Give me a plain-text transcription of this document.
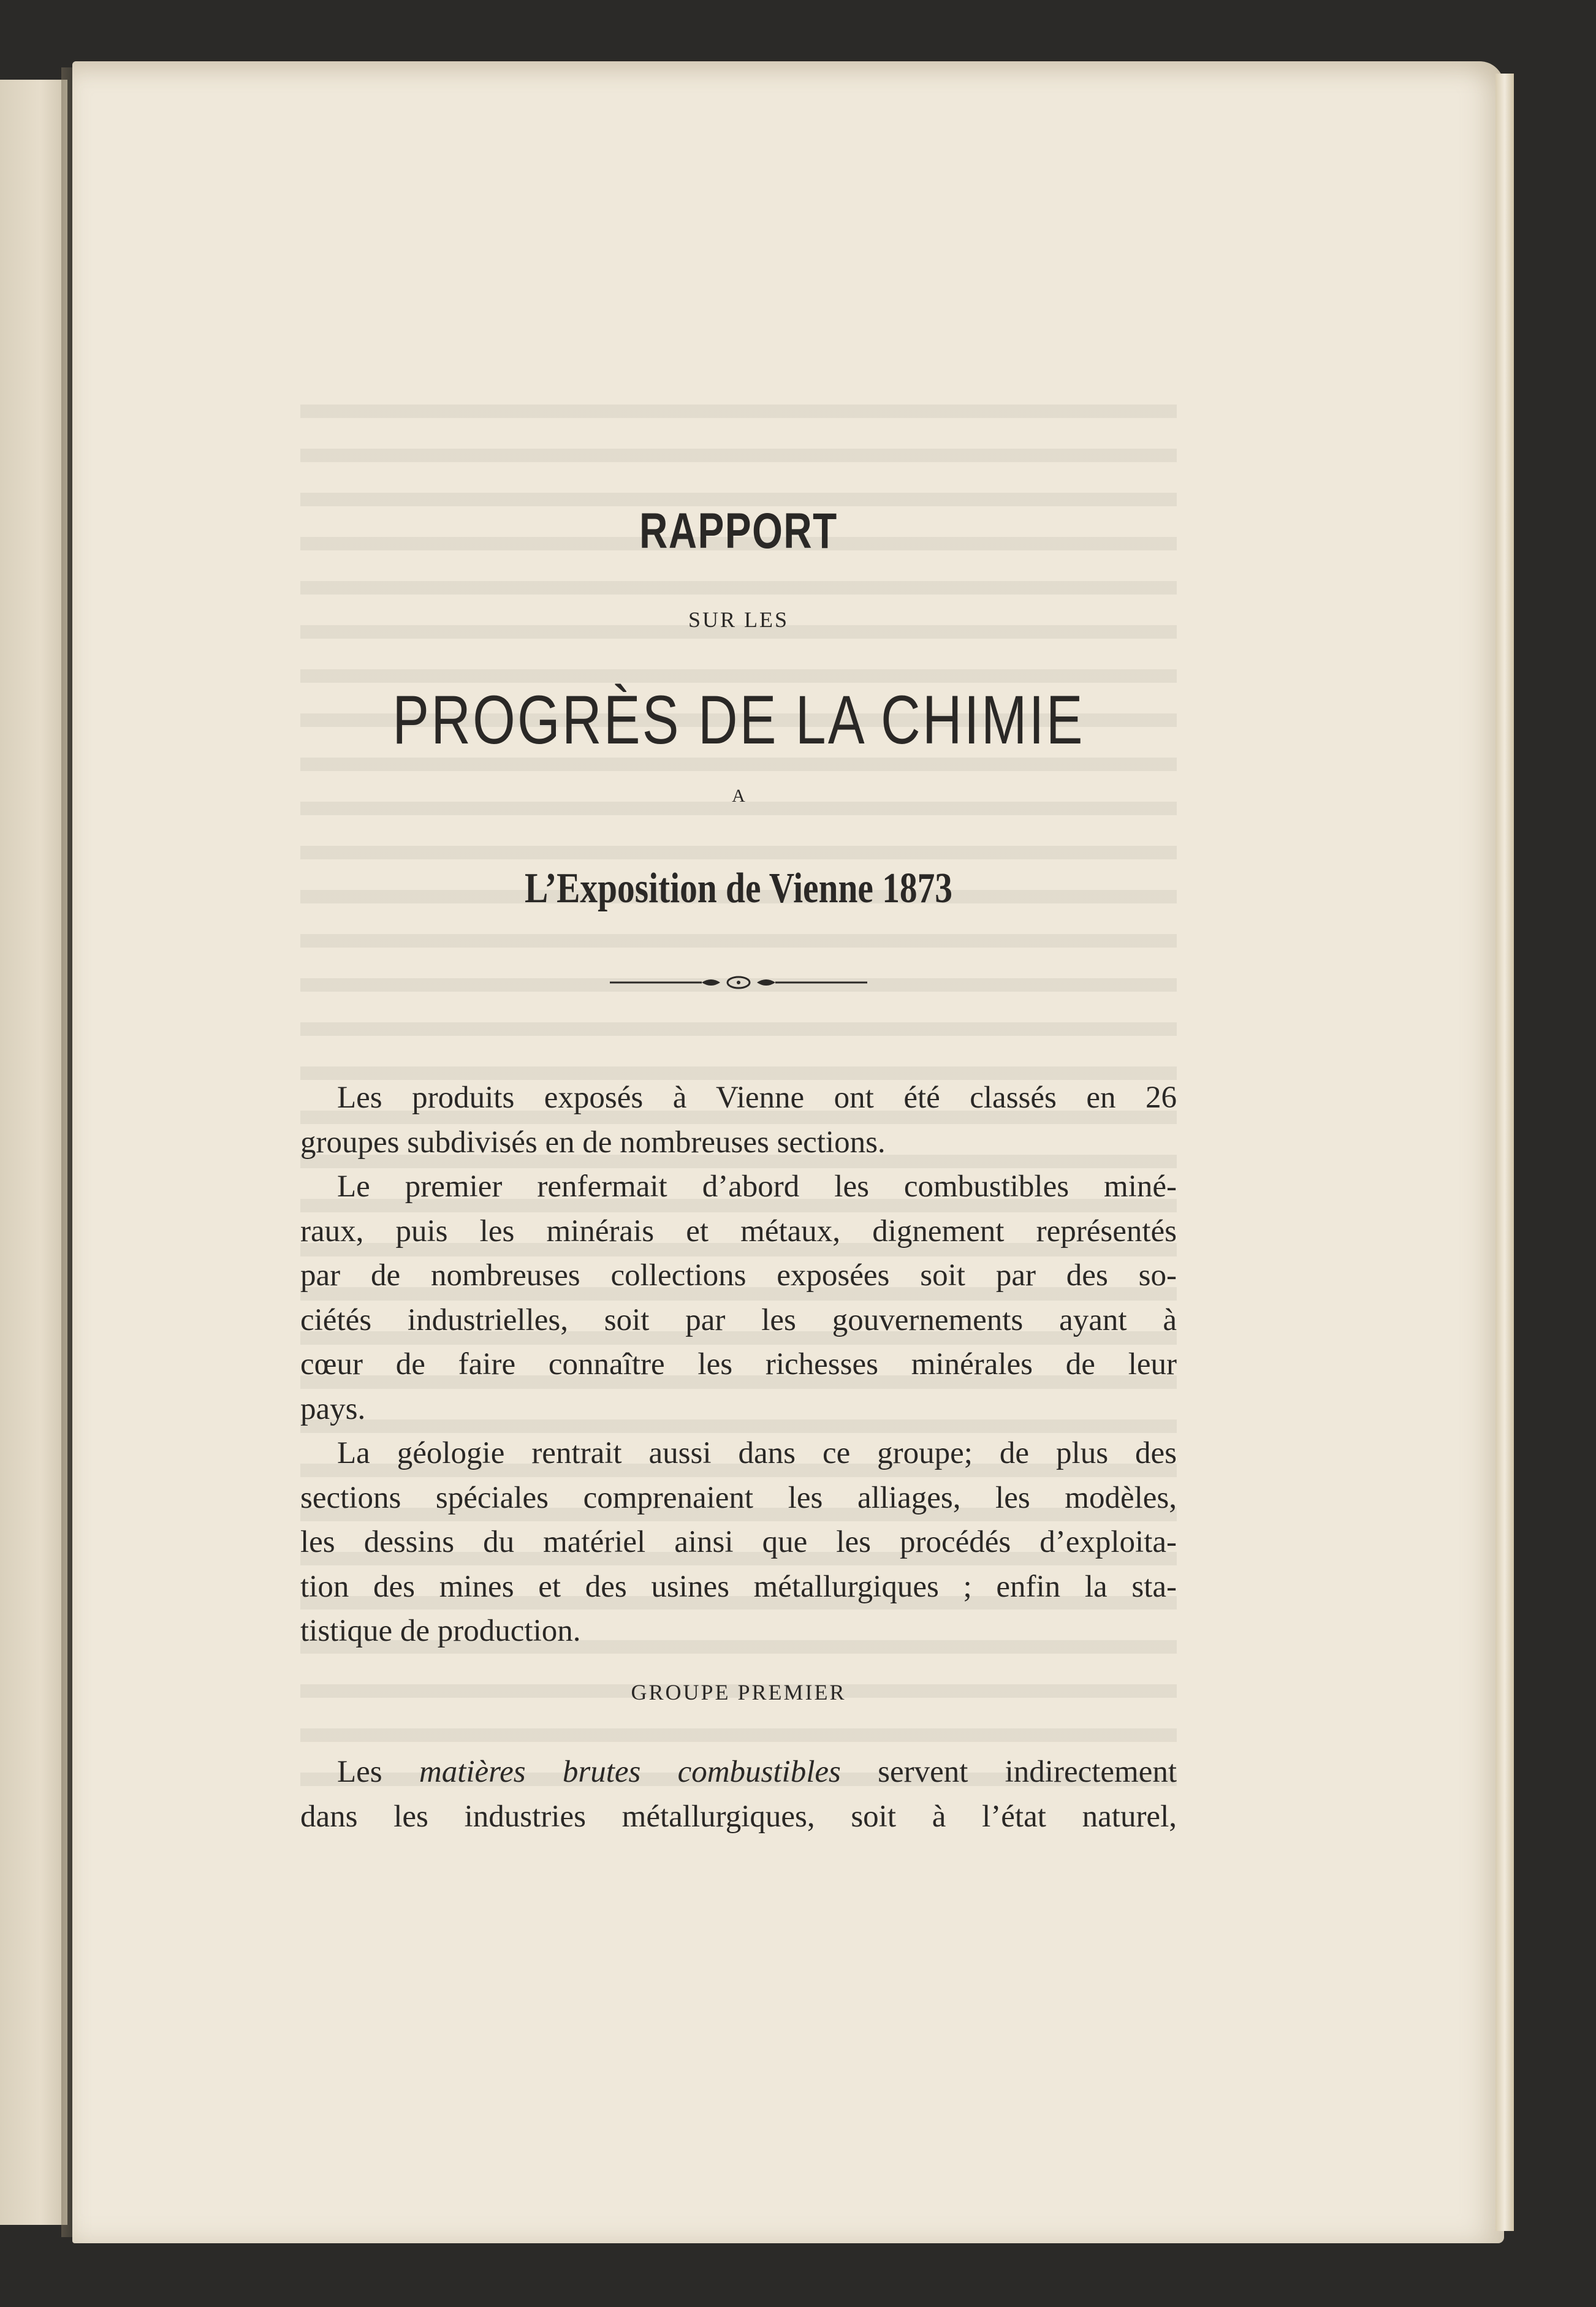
RAPPORT
SUR LES
PROGRÈS DE LA CHIMIE
A
L’Exposition de Vienne 1873
Les produits exposés à Vienne ont été classés en 26
groupes subdivisés en de nombreuses sections.
Le premier renfermait d’abord les combustibles miné-
raux, puis les minérais et métaux, dignement représentés
par de nombreuses collections exposées soit par des so-
ciétés industrielles, soit par les gouvernements ayant à
cœur de faire connaître les richesses minérales de leur
pays.
La géologie rentrait aussi dans ce groupe; de plus des
sections spéciales comprenaient les alliages, les modèles,
les dessins du matériel ainsi que les procédés d’exploita-
tion des mines et des usines métallurgiques ; enfin la sta-
tistique de production.
GROUPE PREMIER
Les matières brutes combustibles servent indirectement
dans les industries métallurgiques, soit à l’état naturel,
